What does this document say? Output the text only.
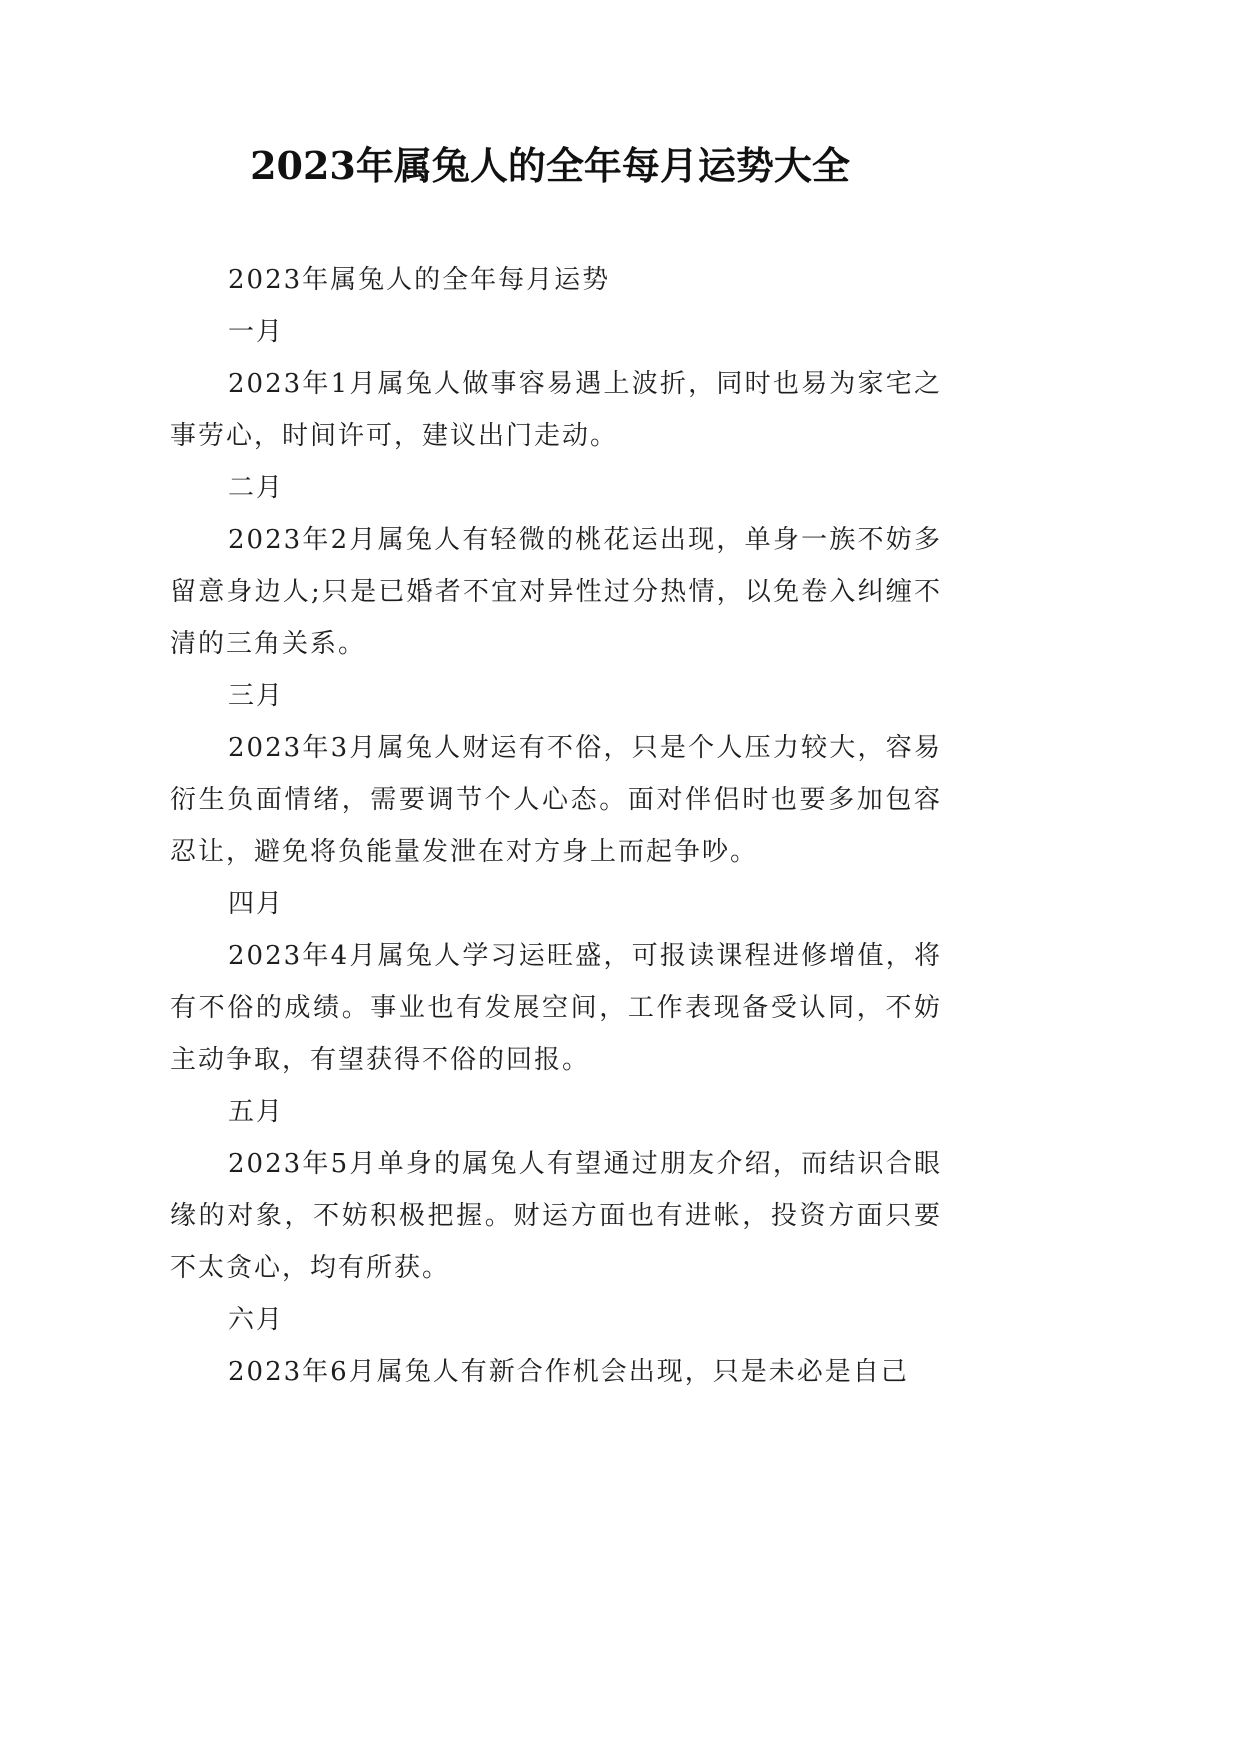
2023年属兔人的全年每月运势大全

2023年属兔人的全年每月运势

一月

2023年1月属兔人做事容易遇上波折，同时也易为家宅之事劳心，时间许可，建议出门走动。

二月

2023年2月属兔人有轻微的桃花运出现，单身一族不妨多留意身边人;只是已婚者不宜对异性过分热情，以免卷入纠缠不清的三角关系。

三月

2023年3月属兔人财运有不俗，只是个人压力较大，容易衍生负面情绪，需要调节个人心态。面对伴侣时也要多加包容忍让，避免将负能量发泄在对方身上而起争吵。

四月

2023年4月属兔人学习运旺盛，可报读课程进修增值，将有不俗的成绩。事业也有发展空间，工作表现备受认同，不妨主动争取，有望获得不俗的回报。

五月

2023年5月单身的属兔人有望通过朋友介绍，而结识合眼缘的对象，不妨积极把握。财运方面也有进帐，投资方面只要不太贪心，均有所获。

六月

2023年6月属兔人有新合作机会出现，只是未必是自己
